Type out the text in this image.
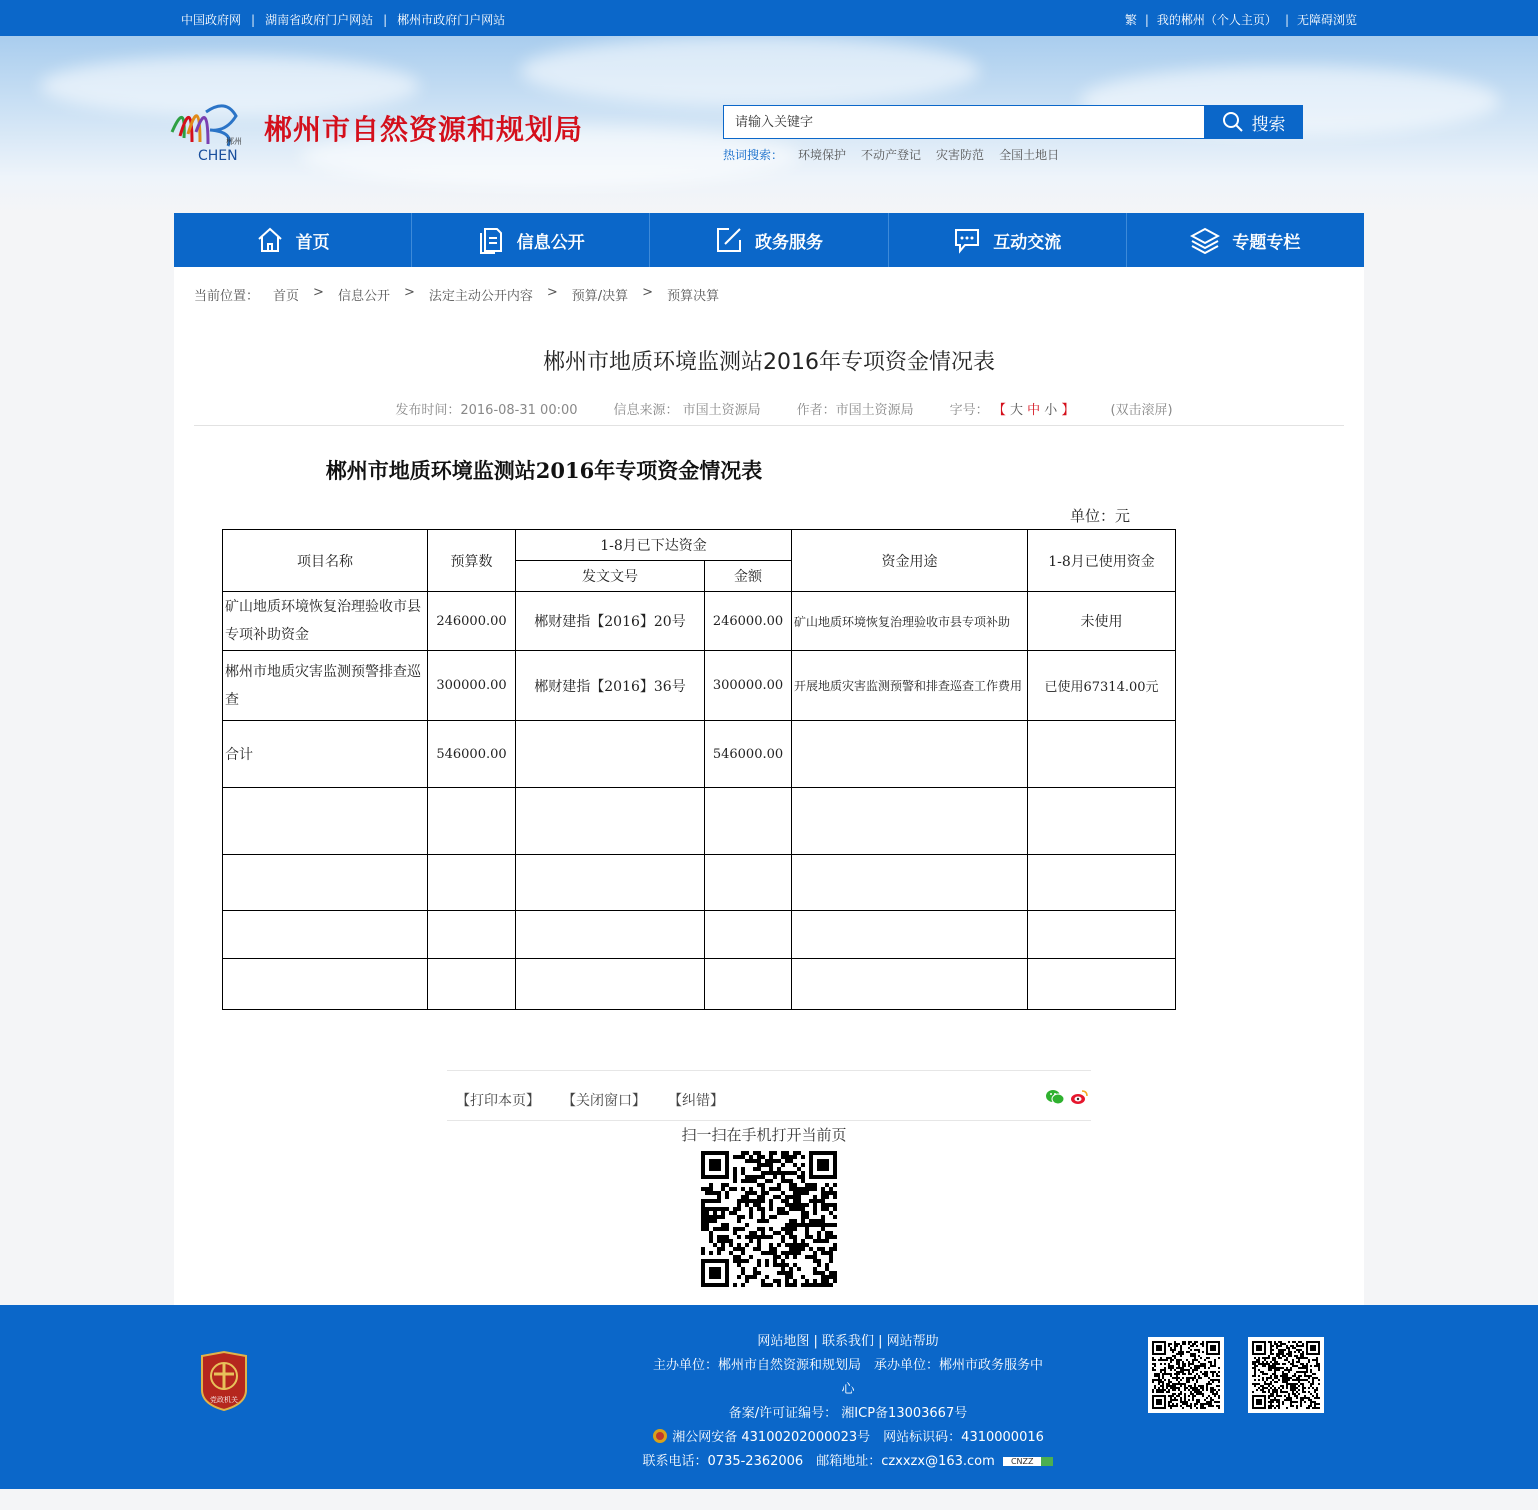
中国政府网 | 湖南省政府门户网站 | 郴州市政府门户网站	繁 | 我的郴州（个人主页） | 无障碍浏览
郴州
CHEN
郴州市自然资源和规划局	请输入关键字	搜索
热词搜索： 环境保护 不动产登记 灾害防范 全国土地日
首页	信息公开	政务服务	互动交流	专题专栏
当前位置： 首页 > 信息公开 > 法定主动公开内容 > 预算/决算 > 预算决算
郴州市地质环境监测站2016年专项资金情况表
发布时间：2016-08-31 00:00	信息来源： 市国土资源局	作者：市国土资源局	字号： 【 大 中 小 】	(双击滚屏)
郴州市地质环境监测站2016年专项资金情况表
单位：元
项目名称	预算数	1-8月已下达资金		资金用途	1-8月已使用资金
		发文文号	金额		
矿山地质环境恢复治理验收市县专项补助资金	246000.00	郴财建指【2016】20号	246000.00	矿山地质环境恢复治理验收市县专项补助	未使用
郴州市地质灾害监测预警排查巡查	300000.00	郴财建指【2016】36号	300000.00	开展地质灾害监测预警和排查巡查工作费用	已使用67314.00元
合计	546000.00		546000.00		

【打印本页】 【关闭窗口】 【纠错】
扫一扫在手机打开当前页
党政机关
网站地图 | 联系我们 | 网站帮助
主办单位：郴州市自然资源和规划局　承办单位：郴州市政务服务中
心
备案/许可证编号： 湘ICP备13003667号
湘公网安备 43100202000023号　网站标识码：4310000016
联系电话：0735-2362006　邮箱地址：czxxzx@163.com CNZZ
